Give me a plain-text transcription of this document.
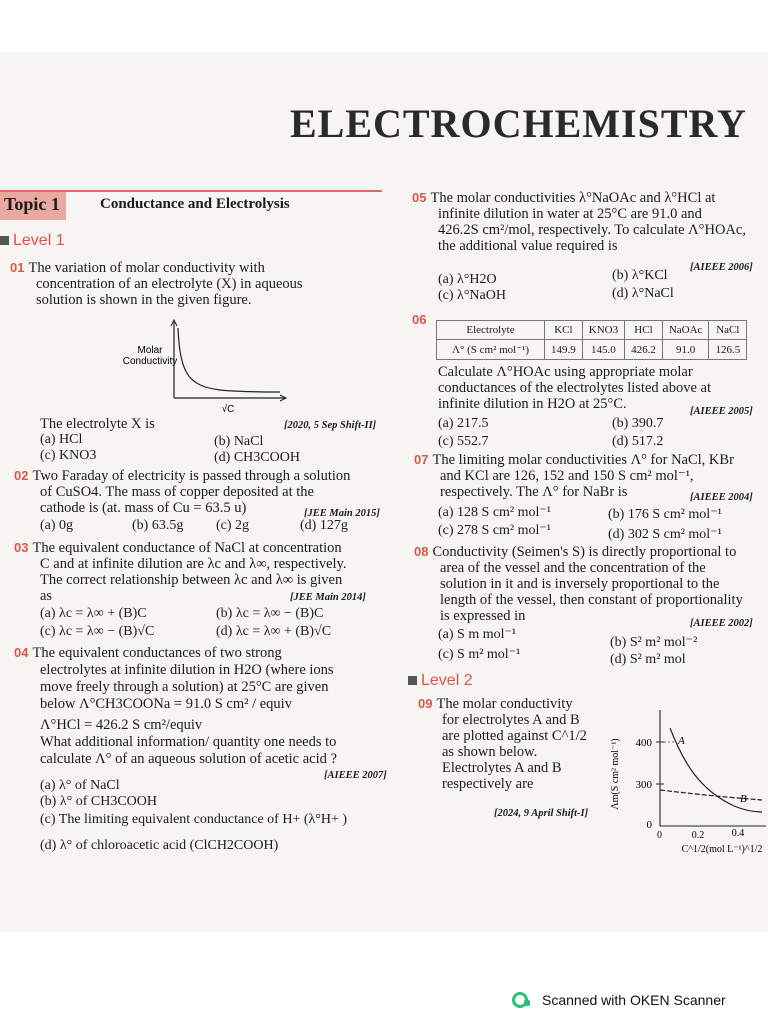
ELECTROCHEMISTRY
Topic 1	Conductance and Electrolysis
Level 1
01 The variation of molar conductivity with
concentration of an electrolyte (X) in aqueous
solution is shown in the given figure.
Molar
Conductivity
√C
The electrolyte X is	[2020, 5 Sep Shift-II]
(a) HCl	(b) NaCl
(c) KNO3	(d) CH3COOH
02 Two Faraday of electricity is passed through a solution
of CuSO4. The mass of copper deposited at the
cathode is (at. mass of Cu = 63.5 u)	[JEE Main 2015]
(a) 0g	(b) 63.5g (c) 2g	(d) 127g
03 The equivalent conductance of NaCl at concentration
C and at infinite dilution are λc and λ∞, respectively.
The correct relationship between λc and λ∞ is given
as	[JEE Main 2014]
(a) λc = λ∞ + (B)C	(b) λc = λ∞ − (B)C
(c) λc = λ∞ − (B)√C	(d) λc = λ∞ + (B)√C
04 The equivalent conductances of two strong
electrolytes at infinite dilution in H2O (where ions
move freely through a solution) at 25°C are given
below Λ°CH3COONa = 91.0 S cm² / equiv
Λ°HCl = 426.2 S cm²/equiv
What additional information/ quantity one needs to
calculate Λ° of an aqueous solution of acetic acid ?
[AIEEE 2007]
(a) λ° of NaCl
(b) λ° of CH3COOH
(c) The limiting equivalent conductance of H+ (λ°H+ )
(d) λ° of chloroacetic acid (ClCH2COOH)
05 The molar conductivities λ°NaOAc and λ°HCl at
infinite dilution in water at 25°C are 91.0 and
426.2S cm²/mol, respectively. To calculate Λ°HOAc,
the additional value required is
[AIEEE 2006]
(a) λ°H2O	(b) λ°KCl
(c) λ°NaOH	(d) λ°NaCl
06
Electrolyte	KCl	KNO3	HCl	NaOAc	NaCl
Λ° (S cm² mol⁻¹)	149.9	145.0	426.2	91.0	126.5
Calculate Λ°HOAc using appropriate molar
conductances of the electrolytes listed above at
infinite dilution in H2O at 25°C.	[AIEEE 2005]
(a) 217.5	(b) 390.7
(c) 552.7	(d) 517.2
07 The limiting molar conductivities Λ° for NaCl, KBr
and KCl are 126, 152 and 150 S cm² mol⁻¹,
respectively. The Λ° for NaBr is	[AIEEE 2004]
(a) 128 S cm² mol⁻¹	(b) 176 S cm² mol⁻¹
(c) 278 S cm² mol⁻¹	(d) 302 S cm² mol⁻¹
08 Conductivity (Seimen's S) is directly proportional to
area of the vessel and the concentration of the
solution in it and is inversely proportional to the
length of the vessel, then constant of proportionality
is expressed in	[AIEEE 2002]
(a) S m mol⁻¹
(b) S² m² mol⁻²
(c) S m² mol⁻¹	(d) S² m² mol
Level 2
09 The molar conductivity
for electrolytes A and B
are plotted against C^1/2
as shown below.
Electrolytes A and B
respectively are
[2024, 9 April Shift-I]
Λm(S cm² mol⁻¹) 400
300
0
A
B
0	0.2	0.4
C^1/2(mol L⁻¹)^1/2
Scanned with OKEN Scanner
